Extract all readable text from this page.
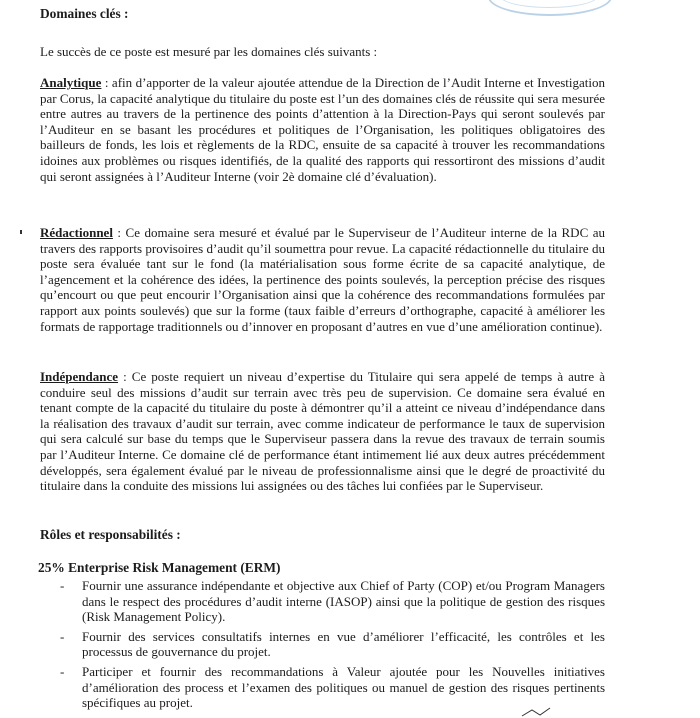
Domaines clés :

Le succès de ce poste est mesuré par les domaines clés suivants :

Analytique : afin d’apporter de la valeur ajoutée attendue de la Direction de l’Audit Interne et Investigation par Corus, la capacité analytique du titulaire du poste est l’un des domaines clés de réussite qui sera mesurée entre autres au travers de la pertinence des points d’attention à la Direction-Pays qui seront soulevés par l’Auditeur en se basant les procédures et politiques de l’Organisation, les politiques obligatoires des bailleurs de fonds, les lois et règlements de la RDC, ensuite de sa capacité à trouver les recommandations idoines aux problèmes ou risques identifiés, de la qualité des rapports qui ressortiront des missions d’audit qui seront assignées à l’Auditeur Interne (voir 2è domaine clé d’évaluation).

Rédactionnel : Ce domaine sera mesuré et évalué par le Superviseur de l’Auditeur interne de la RDC au travers des rapports provisoires d’audit qu’il soumettra pour revue. La capacité rédactionnelle du titulaire du poste sera évaluée tant sur le fond (la matérialisation sous forme écrite de sa capacité analytique, de l’agencement et la cohérence des idées, la pertinence des points soulevés, la perception précise des risques qu’encourt ou que peut encourir l’Organisation ainsi que la cohérence des recommandations formulées par rapport aux points soulevés) que sur la forme (taux faible d’erreurs d’orthographe, capacité à améliorer les formats de rapportage traditionnels ou d’innover en proposant d’autres en vue d’une amélioration continue).

Indépendance : Ce poste requiert un niveau d’expertise du Titulaire qui sera appelé de temps à autre à conduire seul des missions d’audit sur terrain avec très peu de supervision. Ce domaine sera évalué en tenant compte de la capacité du titulaire du poste à démontrer qu’il a atteint ce niveau d’indépendance dans la réalisation des travaux d’audit sur terrain, avec comme indicateur de performance le taux de supervision qui sera calculé sur base du temps que le Superviseur passera dans la revue des travaux de terrain soumis par l’Auditeur Interne. Ce domaine clé de performance étant intimement lié aux deux autres précédemment développés, sera également évalué par le niveau de professionnalisme ainsi que le degré de proactivité du titulaire dans la conduite des missions lui assignées ou des tâches lui confiées par le Superviseur.

Rôles et responsabilités :

25% Enterprise Risk Management (ERM)

- Fournir une assurance indépendante et objective aux Chief of Party (COP) et/ou Program Managers dans le respect des procédures d’audit interne (IASOP) ainsi que la politique de gestion des risques (Risk Management Policy).
- Fournir des services consultatifs internes en vue d’améliorer l’efficacité, les contrôles et les processus de gouvernance du projet.
- Participer et fournir des recommandations à Valeur ajoutée pour les Nouvelles initiatives d’amélioration des process et l’examen des politiques ou manuel de gestion des risques pertinents spécifiques au projet.
